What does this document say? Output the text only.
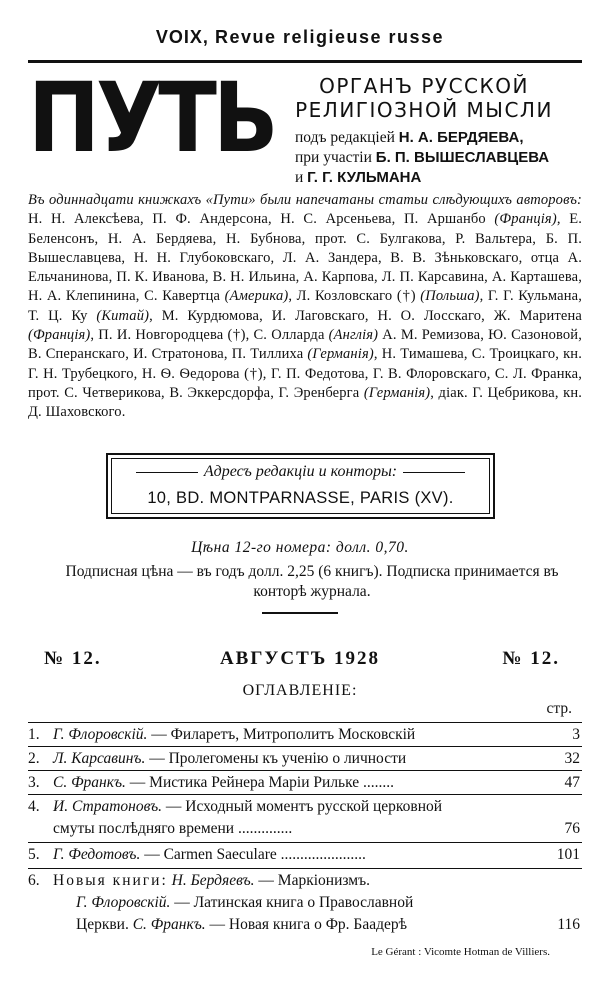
VOIX, Revue religieuse russe
ПУТЬ	ОРГАНЪ РУССКОЙ
РЕЛИГІОЗНОЙ МЫСЛИ
подъ редакціей Н. А. БЕРДЯЕВА,
при участіи Б. П. ВЫШЕСЛАВЦЕВА
и Г. Г. КУЛЬМАНА
Въ одиннадцати книжкахъ «Пути» были напечатаны статьи слѣдующихъ авторовъ: Н. Н. Алексѣева, П. Ф. Андерсона, Н. С. Арсеньева, П. Аршанбо (Франція), Е. Беленсонъ, Н. А. Бердяева, Н. Бубнова, прот. С. Булгакова, Р. Вальтера, Б. П. Вышеславцева, Н. Н. Глубоковскаго, Л. А. Зандера, В. В. Зѣньковскаго, отца А. Ельчанинова, П. К. Иванова, В. Н. Ильина, А. Карпова, Л. П. Карсавина, А. Карташева, Н. А. Клепинина, С. Кавертца (Америка), Л. Козловскаго (†) (Польша), Г. Г. Кульмана, Т. Ц. Ку (Китай), М. Курдюмова, И. Лаговскаго, Н. О. Лосскаго, Ж. Маритена (Франція), П. И. Новгородцева (†), С. Олларда (Англія) А. М. Ремизова, Ю. Сазоновой, В. Сперанскаго, И. Стратонова, П. Тиллиха (Германія), Н. Тимашева, С. Троицкаго, кн. Г. Н. Трубецкого, Н. Ѳ. Ѳедорова (†), Г. П. Федотова, Г. В. Флоровскаго, С. Л. Франка, прот. С. Четверикова, В. Эккерсдорфа, Г. Эренберга (Германія), діак. Г. Цебрикова, кн. Д. Шаховского.
Адресъ редакціи и конторы:
10, BD. MONTPARNASSE, PARIS (XV).
Цѣна 12-го номера: долл. 0,70.
Подписная цѣна — въ годъ долл. 2,25 (6 книгъ). Подписка принимается въ конторѣ журнала.
№ 12.	АВГУСТЪ 1928	№ 12.
ОГЛАВЛЕНІЕ:
стр.
1. Г. Флоровскій. — Филаретъ, Митрополитъ Московскій	3
2. Л. Карсавинъ. — Пролегомены къ ученію о личности	32
3. С. Франкъ. — Мистика Рейнера Маріи Рильке ........	47
4. И. Стратоновъ. — Исходный моментъ русской церковной
смуты послѣдняго времени ..............	76
5. Г. Федотовъ. — Carmen Saeculare ......................	101
6. Новыя книги: Н. Бердяевъ. — Маркіонизмъ.
Г. Флоровскій. — Латинская книга о Православной
Церкви. С. Франкъ. — Новая книга о Фр. Баадерѣ	116
Le Gérant : Vicomte Hotman de Villiers.
